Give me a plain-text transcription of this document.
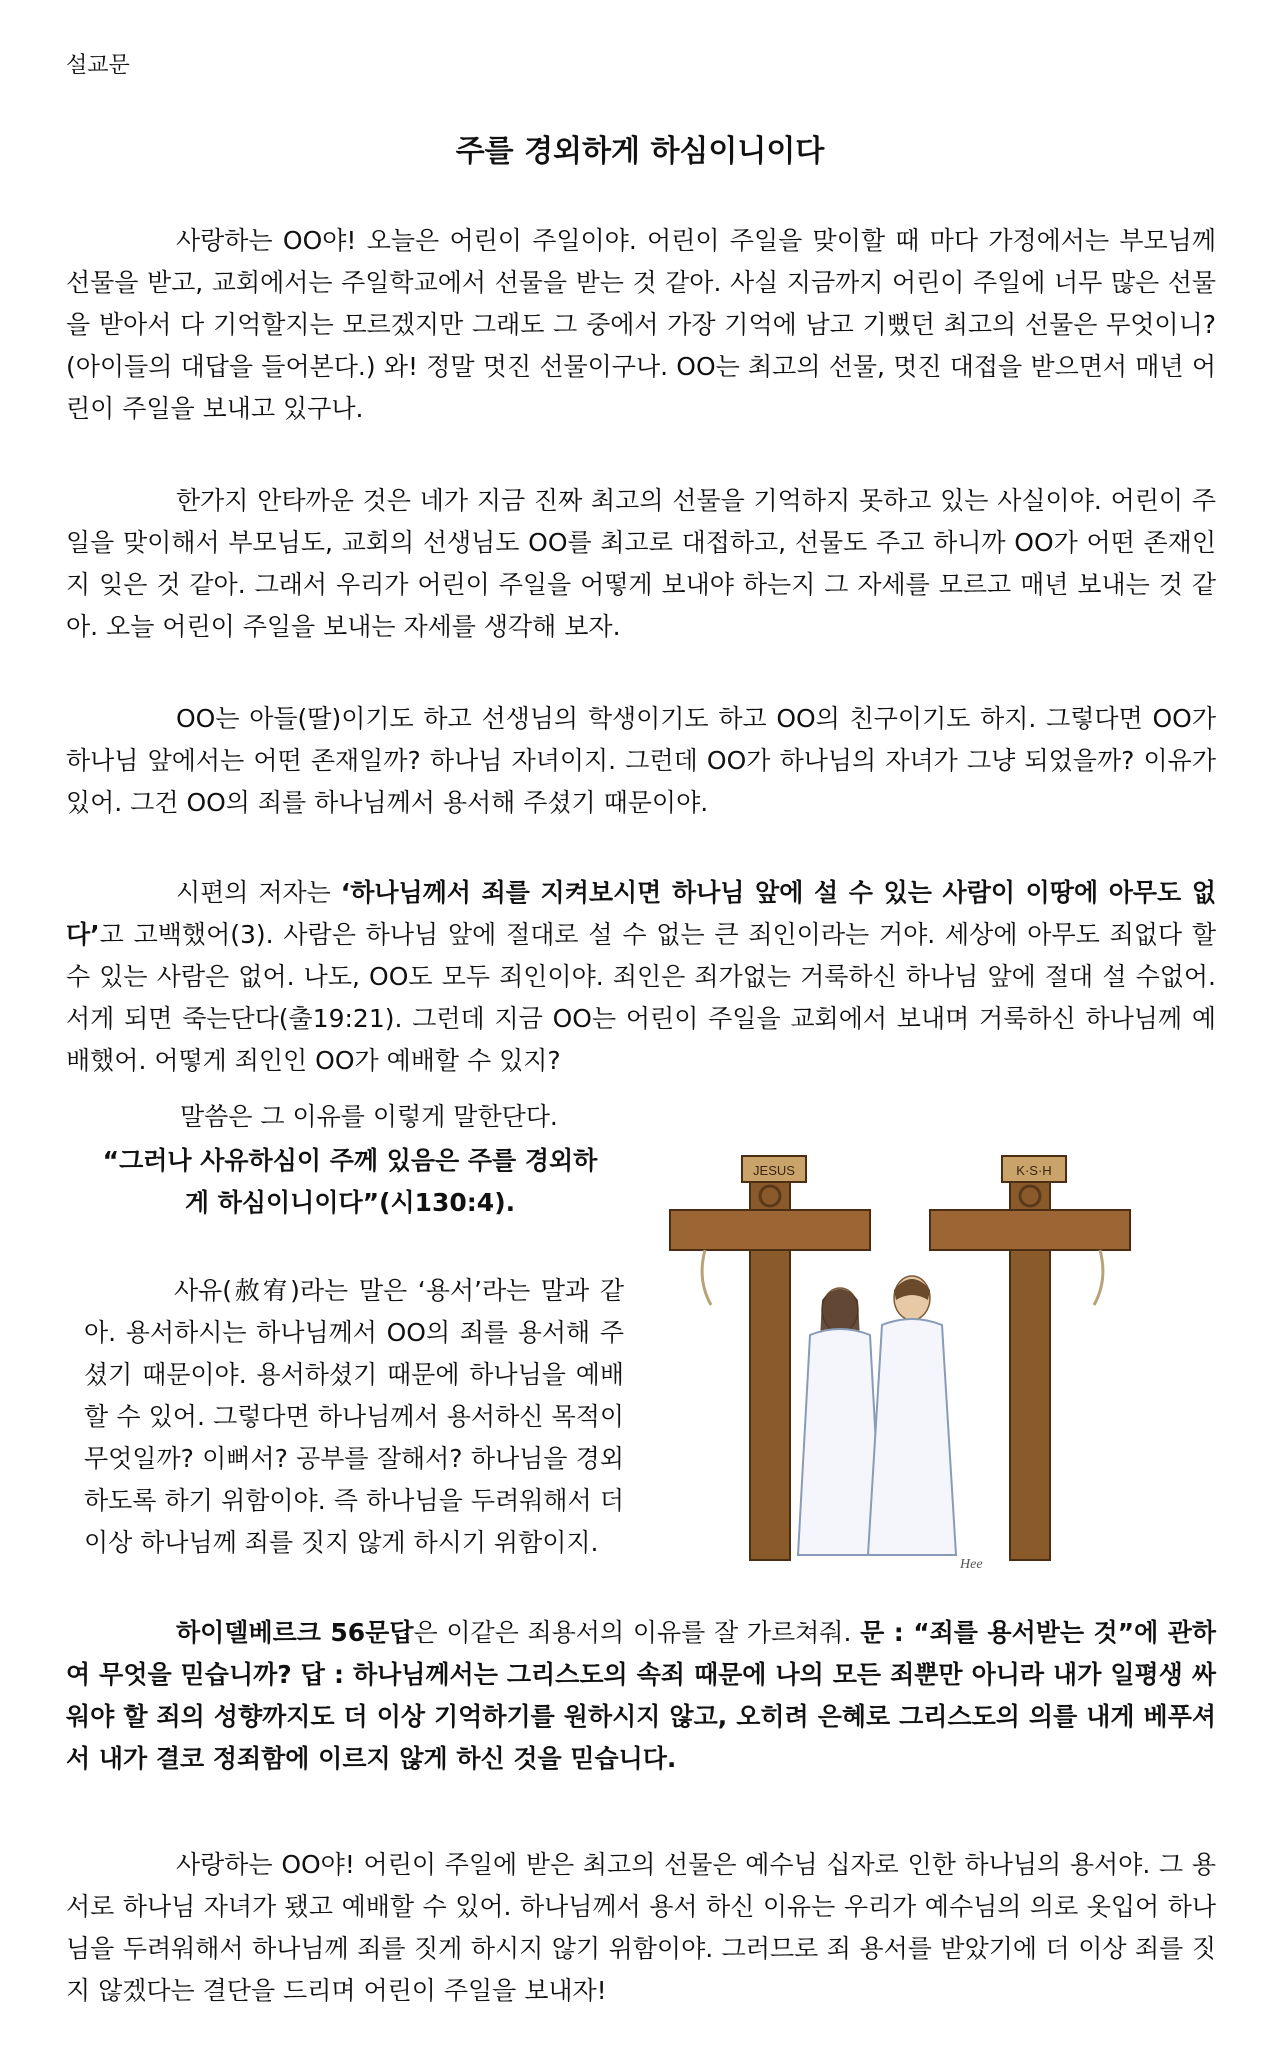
설교문
주를 경외하게 하심이니이다

사랑하는 OO야! 오늘은 어린이 주일이야. 어린이 주일을 맞이할 때 마다 가정에서는 부모님께 선물을 받고, 교회에서는 주일학교에서 선물을 받는 것 같아. 사실 지금까지 어린이 주일에 너무 많은 선물을 받아서 다 기억할지는 모르겠지만 그래도 그 중에서 가장 기억에 남고 기뻤던 최고의 선물은 무엇이니?(아이들의 대답을 들어본다.) 와! 정말 멋진 선물이구나. OO는 최고의 선물, 멋진 대접을 받으면서 매년 어린이 주일을 보내고 있구나.

한가지 안타까운 것은 네가 지금 진짜 최고의 선물을 기억하지 못하고 있는 사실이야. 어린이 주일을 맞이해서 부모님도, 교회의 선생님도 OO를 최고로 대접하고, 선물도 주고 하니까 OO가 어떤 존재인지 잊은 것 같아. 그래서 우리가 어린이 주일을 어떻게 보내야 하는지 그 자세를 모르고 매년 보내는 것 같아. 오늘 어린이 주일을 보내는 자세를 생각해 보자.

OO는 아들(딸)이기도 하고 선생님의 학생이기도 하고 OO의 친구이기도 하지. 그렇다면 OO가 하나님 앞에서는 어떤 존재일까? 하나님 자녀이지. 그런데 OO가 하나님의 자녀가 그냥 되었을까? 이유가 있어. 그건 OO의 죄를 하나님께서 용서해 주셨기 때문이야.

시편의 저자는 ‘하나님께서 죄를 지켜보시면 하나님 앞에 설 수 있는 사람이 이땅에 아무도 없다’고 고백했어(3). 사람은 하나님 앞에 절대로 설 수 없는 큰 죄인이라는 거야. 세상에 아무도 죄없다 할 수 있는 사람은 없어. 나도, OO도 모두 죄인이야. 죄인은 죄가없는 거룩하신 하나님 앞에 절대 설 수없어. 서게 되면 죽는단다(출19:21). 그런데 지금 OO는 어린이 주일을 교회에서 보내며 거룩하신 하나님께 예배했어. 어떻게 죄인인 OO가 예배할 수 있지?

말씀은 그 이유를 이렇게 말한단다.
“그러나 사유하심이 주께 있음은 주를 경외하게 하심이니이다”(시130:4).

사유(赦宥)라는 말은 ‘용서’라는 말과 같아. 용서하시는 하나님께서 OO의 죄를 용서해 주셨기 때문이야. 용서하셨기 때문에 하나님을 예배할 수 있어. 그렇다면 하나님께서 용서하신 목적이 무엇일까? 이뻐서? 공부를 잘해서? 하나님을 경외하도록 하기 위함이야. 즉 하나님을 두려워해서 더 이상 하나님께 죄를 짓지 않게 하시기 위함이지.

JESUS	K·S·H
Hee

하이델베르크 56문답은 이같은 죄용서의 이유를 잘 가르쳐줘. 문 : “죄를 용서받는 것”에 관하여 무엇을 믿습니까? 답 : 하나님께서는 그리스도의 속죄 때문에 나의 모든 죄뿐만 아니라 내가 일평생 싸워야 할 죄의 성향까지도 더 이상 기억하기를 원하시지 않고, 오히려 은혜로 그리스도의 의를 내게 베푸셔서 내가 결코 정죄함에 이르지 않게 하신 것을 믿습니다.

사랑하는 OO야! 어린이 주일에 받은 최고의 선물은 예수님 십자로 인한 하나님의 용서야. 그 용서로 하나님 자녀가 됐고 예배할 수 있어. 하나님께서 용서 하신 이유는 우리가 예수님의 의로 옷입어 하나님을 두려워해서 하나님께 죄를 짓게 하시지 않기 위함이야. 그러므로 죄 용서를 받았기에 더 이상 죄를 짓지 않겠다는 결단을 드리며 어린이 주일을 보내자!
